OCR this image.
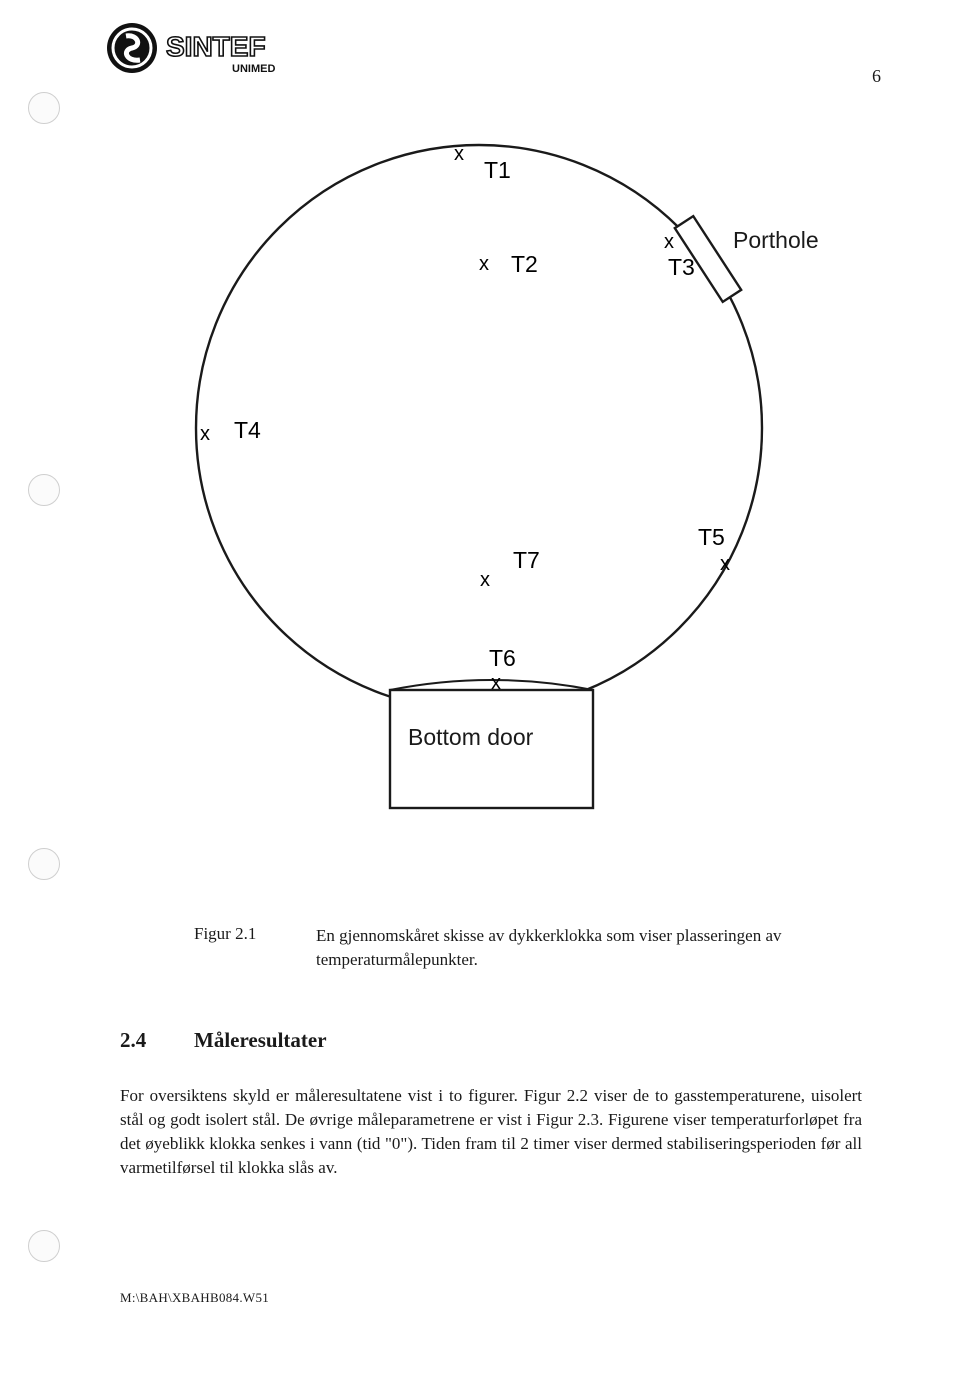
SINTEF
UNIMED	6
Porthole
Bottom door
x
T1
x T2
x
T3
x T4
x
T5
T6
x
x
T7
Figur 2.1	En gjennomskåret skisse av dykkerklokka som viser plasseringen av temperaturmålepunkter.
2.4 Måleresultater
For oversiktens skyld er måleresultatene vist i to figurer. Figur 2.2 viser de to gasstemperaturene, uisolert stål og godt isolert stål. De øvrige måleparametrene er vist i Figur 2.3. Figurene viser temperaturforløpet fra det øyeblikk klokka senkes i vann (tid "0"). Tiden fram til 2 timer viser dermed stabiliseringsperioden før all varmetilførsel til klokka slås av.
M:\BAH\XBAHB084.W51
